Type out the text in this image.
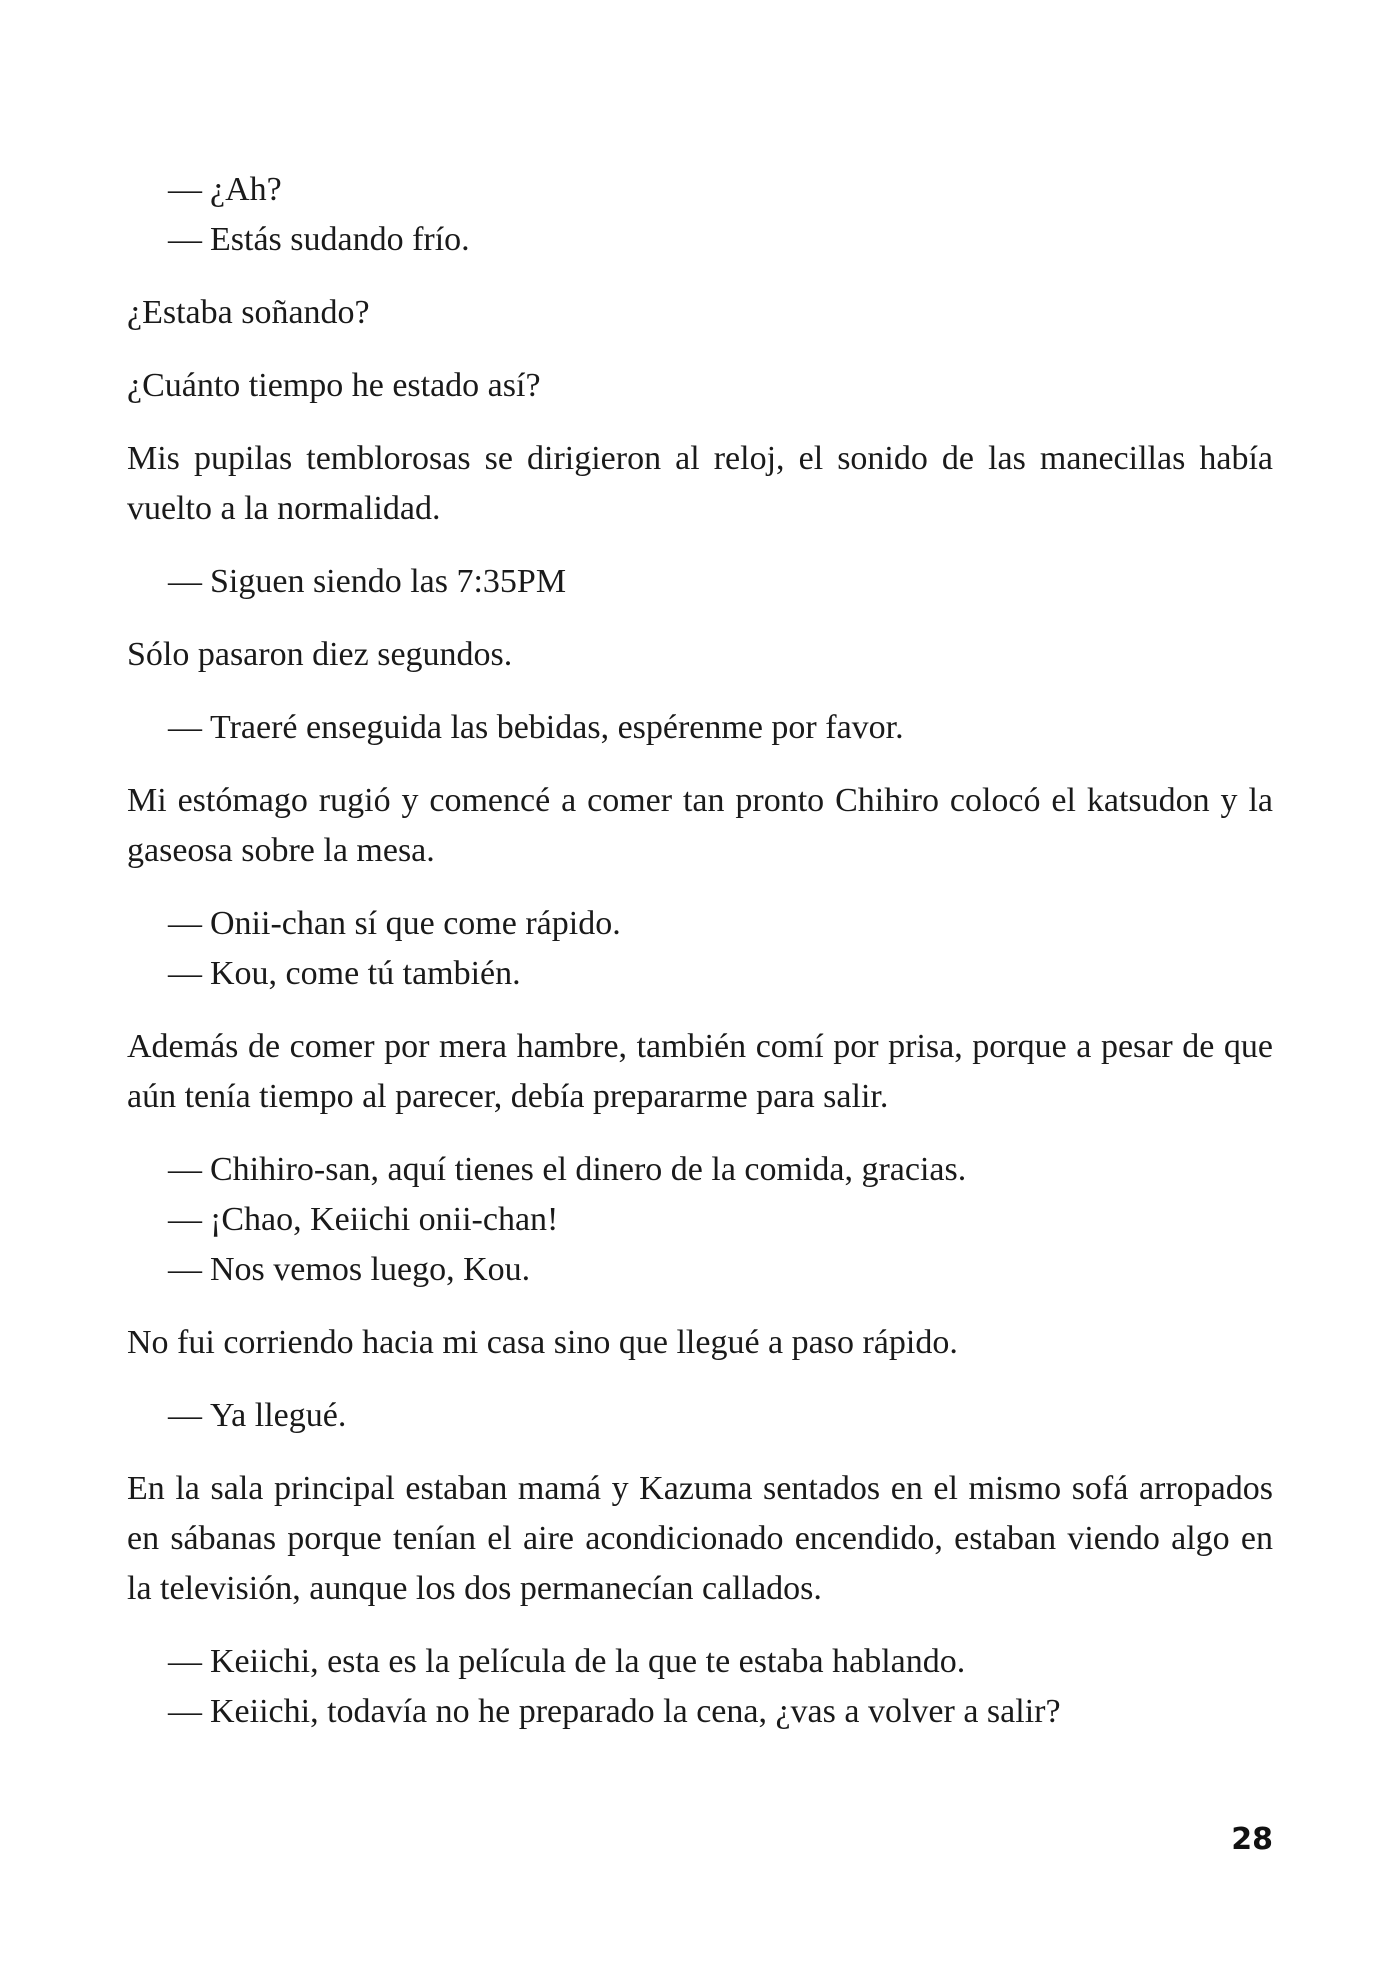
— ¿Ah?
— Estás sudando frío.

¿Estaba soñando?

¿Cuánto tiempo he estado así?

Mis pupilas temblorosas se dirigieron al reloj, el sonido de las manecillas había vuelto a la normalidad.

— Siguen siendo las 7:35PM

Sólo pasaron diez segundos.

— Traeré enseguida las bebidas, espérenme por favor.

Mi estómago rugió y comencé a comer tan pronto Chihiro colocó el katsudon y la gaseosa sobre la mesa.

— Onii-chan sí que come rápido.
— Kou, come tú también.

Además de comer por mera hambre, también comí por prisa, porque a pesar de que aún tenía tiempo al parecer, debía prepararme para salir.

— Chihiro-san, aquí tienes el dinero de la comida, gracias.
— ¡Chao, Keiichi onii-chan!
— Nos vemos luego, Kou.

No fui corriendo hacia mi casa sino que llegué a paso rápido.

— Ya llegué.

En la sala principal estaban mamá y Kazuma sentados en el mismo sofá arropados en sábanas porque tenían el aire acondicionado encendido, estaban viendo algo en la televisión, aunque los dos permanecían callados.

— Keiichi, esta es la película de la que te estaba hablando.
— Keiichi, todavía no he preparado la cena, ¿vas a volver a salir?
28
